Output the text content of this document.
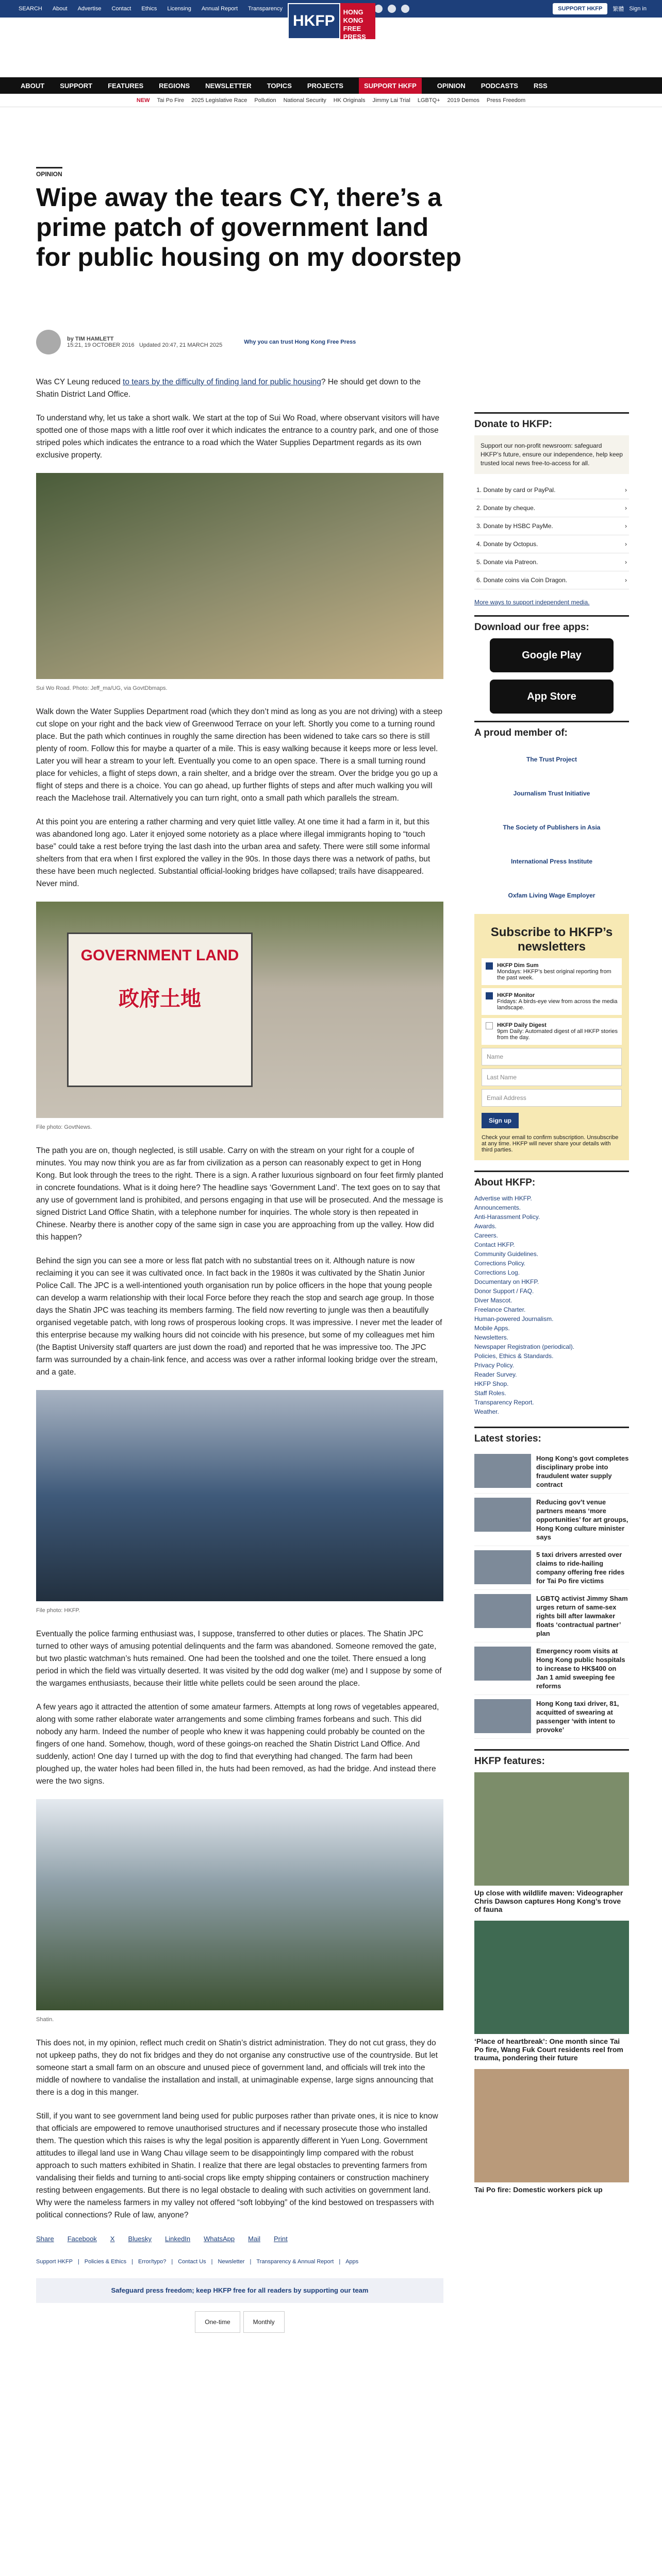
SEARCH About Advertise Contact Ethics Licensing Annual Report Transparency
HKFP
HONG KONG
FREE PRESS
SUPPORT HKFP	繁體 Sign in
ABOUT SUPPORT FEATURES REGIONS NEWSLETTER TOPICS PROJECTS	SUPPORT HKFP	OPINION PODCASTS RSS
NEW Tai Po Fire 2025 Legislative Race Pollution National Security HK Originals Jimmy Lai Trial LGBTQ+ 2019 Demos Press Freedom
OPINION
Wipe away the tears CY, there’s a prime patch of government land for public housing on my doorstep
by TIM HAMLETT
15:21, 19 OCTOBER 2016 Updated 20:47, 21 MARCH 2025	Why you can trust Hong Kong Free Press

Was CY Leung reduced to tears by the difficulty of finding land for public housing? He should get down to the Shatin District Land Office.

To understand why, let us take a short walk. We start at the top of Sui Wo Road, where observant visitors will have spotted one of those maps with a little roof over it which indicates the entrance to a country park, and one of those striped poles which indicates the entrance to a road which the Water Supplies Department regards as its own exclusive property.

Sui Wo Road. Photo: Jeff_ma/UG, via GovtDbmaps.

Walk down the Water Supplies Department road (which they don’t mind as long as you are not driving) with a steep cut slope on your right and the back view of Greenwood Terrace on your left. Shortly you come to a turning round place. But the path which continues in roughly the same direction has been widened to take cars so there is still plenty of room. Follow this for maybe a quarter of a mile. This is easy walking because it keeps more or less level. Later you will hear a stream to your left. Eventually you come to an open space. There is a small turning round place for vehicles, a flight of steps down, a rain shelter, and a bridge over the stream. Over the bridge you go up a flight of steps and there is a choice. You can go ahead, up further flights of steps and after much walking you will reach the Maclehose trail. Alternatively you can turn right, onto a small path which parallels the stream.

At this point you are entering a rather charming and very quiet little valley. At one time it had a farm in it, but this was abandoned long ago. Later it enjoyed some notoriety as a place where illegal immigrants hoping to “touch base” could take a rest before trying the last dash into the urban area and safety. There were still some informal shelters from that era when I first explored the valley in the 90s. In those days there was a network of paths, but these have been much neglected. Substantial official-looking bridges have collapsed; trails have disappeared. Never mind.

GOVERNMENT LAND
政府土地
File photo: GovtNews.

The path you are on, though neglected, is still usable. Carry on with the stream on your right for a couple of minutes. You may now think you are as far from civilization as a person can reasonably expect to get in Hong Kong. But look through the trees to the right. There is a sign. A rather luxurious signboard on four feet firmly planted in concrete foundations. What is it doing here? The headline says ‘Government Land’. The text goes on to say that any use of government land is prohibited, and persons engaging in that use will be prosecuted. And the message is signed District Land Office Shatin, with a telephone number for inquiries. The whole story is then repeated in Chinese. Nearby there is another copy of the same sign in case you are approaching from up the valley. How did this happen?

Behind the sign you can see a more or less flat patch with no substantial trees on it. Although nature is now reclaiming it you can see it was cultivated once. In fact back in the 1980s it was cultivated by the Shatin Junior Police Call. The JPC is a well-intentioned youth organisation run by police officers in the hope that young people can develop a warm relationship with their local Force before they reach the stop and search age group. In those days the Shatin JPC was teaching its members farming. The field now reverting to jungle was then a beautifully organised vegetable patch, with long rows of prosperous looking crops. It was impressive. I never met the leader of this enterprise because my walking hours did not coincide with his presence, but some of my colleagues met him (the Baptist University staff quarters are just down the road) and reported that he was impressive too. The JPC farm was surrounded by a chain-link fence, and access was over a rather informal looking bridge over the stream, and a gate.

File photo: HKFP.

Eventually the police farming enthusiast was, I suppose, transferred to other duties or places. The Shatin JPC turned to other ways of amusing potential delinquents and the farm was abandoned. Someone removed the gate, but two plastic watchman’s huts remained. One had been the toolshed and one the toilet. There ensued a long period in which the field was virtually deserted. It was visited by the odd dog walker (me) and I suppose by some of the wargames enthusiasts, because their little white pellets could be seen around the place.

A few years ago it attracted the attention of some amateur farmers. Attempts at long rows of vegetables appeared, along with some rather elaborate water arrangements and some climbing frames forbeans and such. This did nobody any harm. Indeed the number of people who knew it was happening could probably be counted on the fingers of one hand. Somehow, though, word of these goings-on reached the Shatin District Land Office. And suddenly, action! One day I turned up with the dog to find that everything had changed. The farm had been ploughed up, the water holes had been filled in, the huts had been removed, as had the bridge. And instead there were the two signs.

Shatin.

This does not, in my opinion, reflect much credit on Shatin’s district administration. They do not cut grass, they do not upkeep paths, they do not fix bridges and they do not organise any constructive use of the countryside. But let someone start a small farm on an obscure and unused piece of government land, and officials will trek into the middle of nowhere to vandalise the installation and install, at unimaginable expense, large signs announcing that there is a dog in this manger.

Still, if you want to see government land being used for public purposes rather than private ones, it is nice to know that officials are empowered to remove unauthorised structures and if necessary prosecute those who installed them. The question which this raises is why the legal position is apparently different in Yuen Long. Government attitudes to illegal land use in Wang Chau village seem to be disappointingly limp compared with the robust approach to such matters exhibited in Shatin. I realize that there are legal obstacles to preventing farmers from vandalising their fields and turning to anti-social crops like empty shipping containers or construction machinery resting between engagements. But there is no legal obstacle to dealing with such activities on government land. Why were the nameless farmers in my valley not offered “soft lobbying” of the kind bestowed on trespassers with political connections? Rule of law, anyone?

Share Facebook X Bluesky LinkedIn WhatsApp Mail Print
Support HKFP | Policies & Ethics | Error/typo? | Contact Us | Newsletter | Transparency & Annual Report | Apps
Safeguard press freedom; keep HKFP free for all readers by supporting our team
One-time	Monthly
Donate to HKFP:
Support our non-profit newsroom: safeguard HKFP’s future, ensure our independence, help keep trusted local news free-to-access for all.
1. Donate by card or PayPal.	›
2. Donate by cheque.	›
3. Donate by HSBC PayMe.	›
4. Donate by Octopus.	›
5. Donate via Patreon.	›
6. Donate coins via Coin Dragon.	›
More ways to support independent media.
Download our free apps:
Google Play
App Store
A proud member of:
The Trust Project
Journalism Trust Initiative
The Society of Publishers in Asia
International Press Institute
Oxfam Living Wage Employer
Subscribe to HKFP’s newsletters
HKFP Dim Sum
Mondays: HKFP’s best original reporting from the past week.
HKFP Monitor
Fridays: A birds-eye view from across the media landscape.
HKFP Daily Digest
9pm Daily: Automated digest of all HKFP stories from the day.
Name
Last Name
Email Address
Sign up
Check your email to confirm subscription. Unsubscribe at any time. HKFP will never share your details with third parties.
About HKFP:
Advertise with HKFP.
Announcements.
Anti-Harassment Policy.
Awards.
Careers.
Contact HKFP.
Community Guidelines.
Corrections Policy.
Corrections Log.
Documentary on HKFP.
Donor Support / FAQ.
Diver Mascot.
Freelance Charter.
Human-powered Journalism.
Mobile Apps.
Newsletters.
Newspaper Registration (periodical).
Policies, Ethics & Standards.
Privacy Policy.
Reader Survey.
HKFP Shop.
Staff Roles.
Transparency Report.
Weather.
Latest stories:
Hong Kong’s govt completes disciplinary probe into fraudulent water supply contract
Reducing gov’t venue partners means ‘more opportunities’ for art groups, Hong Kong culture minister says
5 taxi drivers arrested over claims to ride-hailing company offering free rides for Tai Po fire victims
LGBTQ activist Jimmy Sham urges return of same-sex rights bill after lawmaker floats ‘contractual partner’ plan
Emergency room visits at Hong Kong public hospitals to increase to HK$400 on Jan 1 amid sweeping fee reforms
Hong Kong taxi driver, 81, acquitted of swearing at passenger ‘with intent to provoke’
HKFP features:
Up close with wildlife maven: Videographer Chris Dawson captures Hong Kong’s trove of fauna
‘Place of heartbreak’: One month since Tai Po fire, Wang Fuk Court residents reel from trauma, pondering their future
Tai Po fire: Domestic workers pick up
